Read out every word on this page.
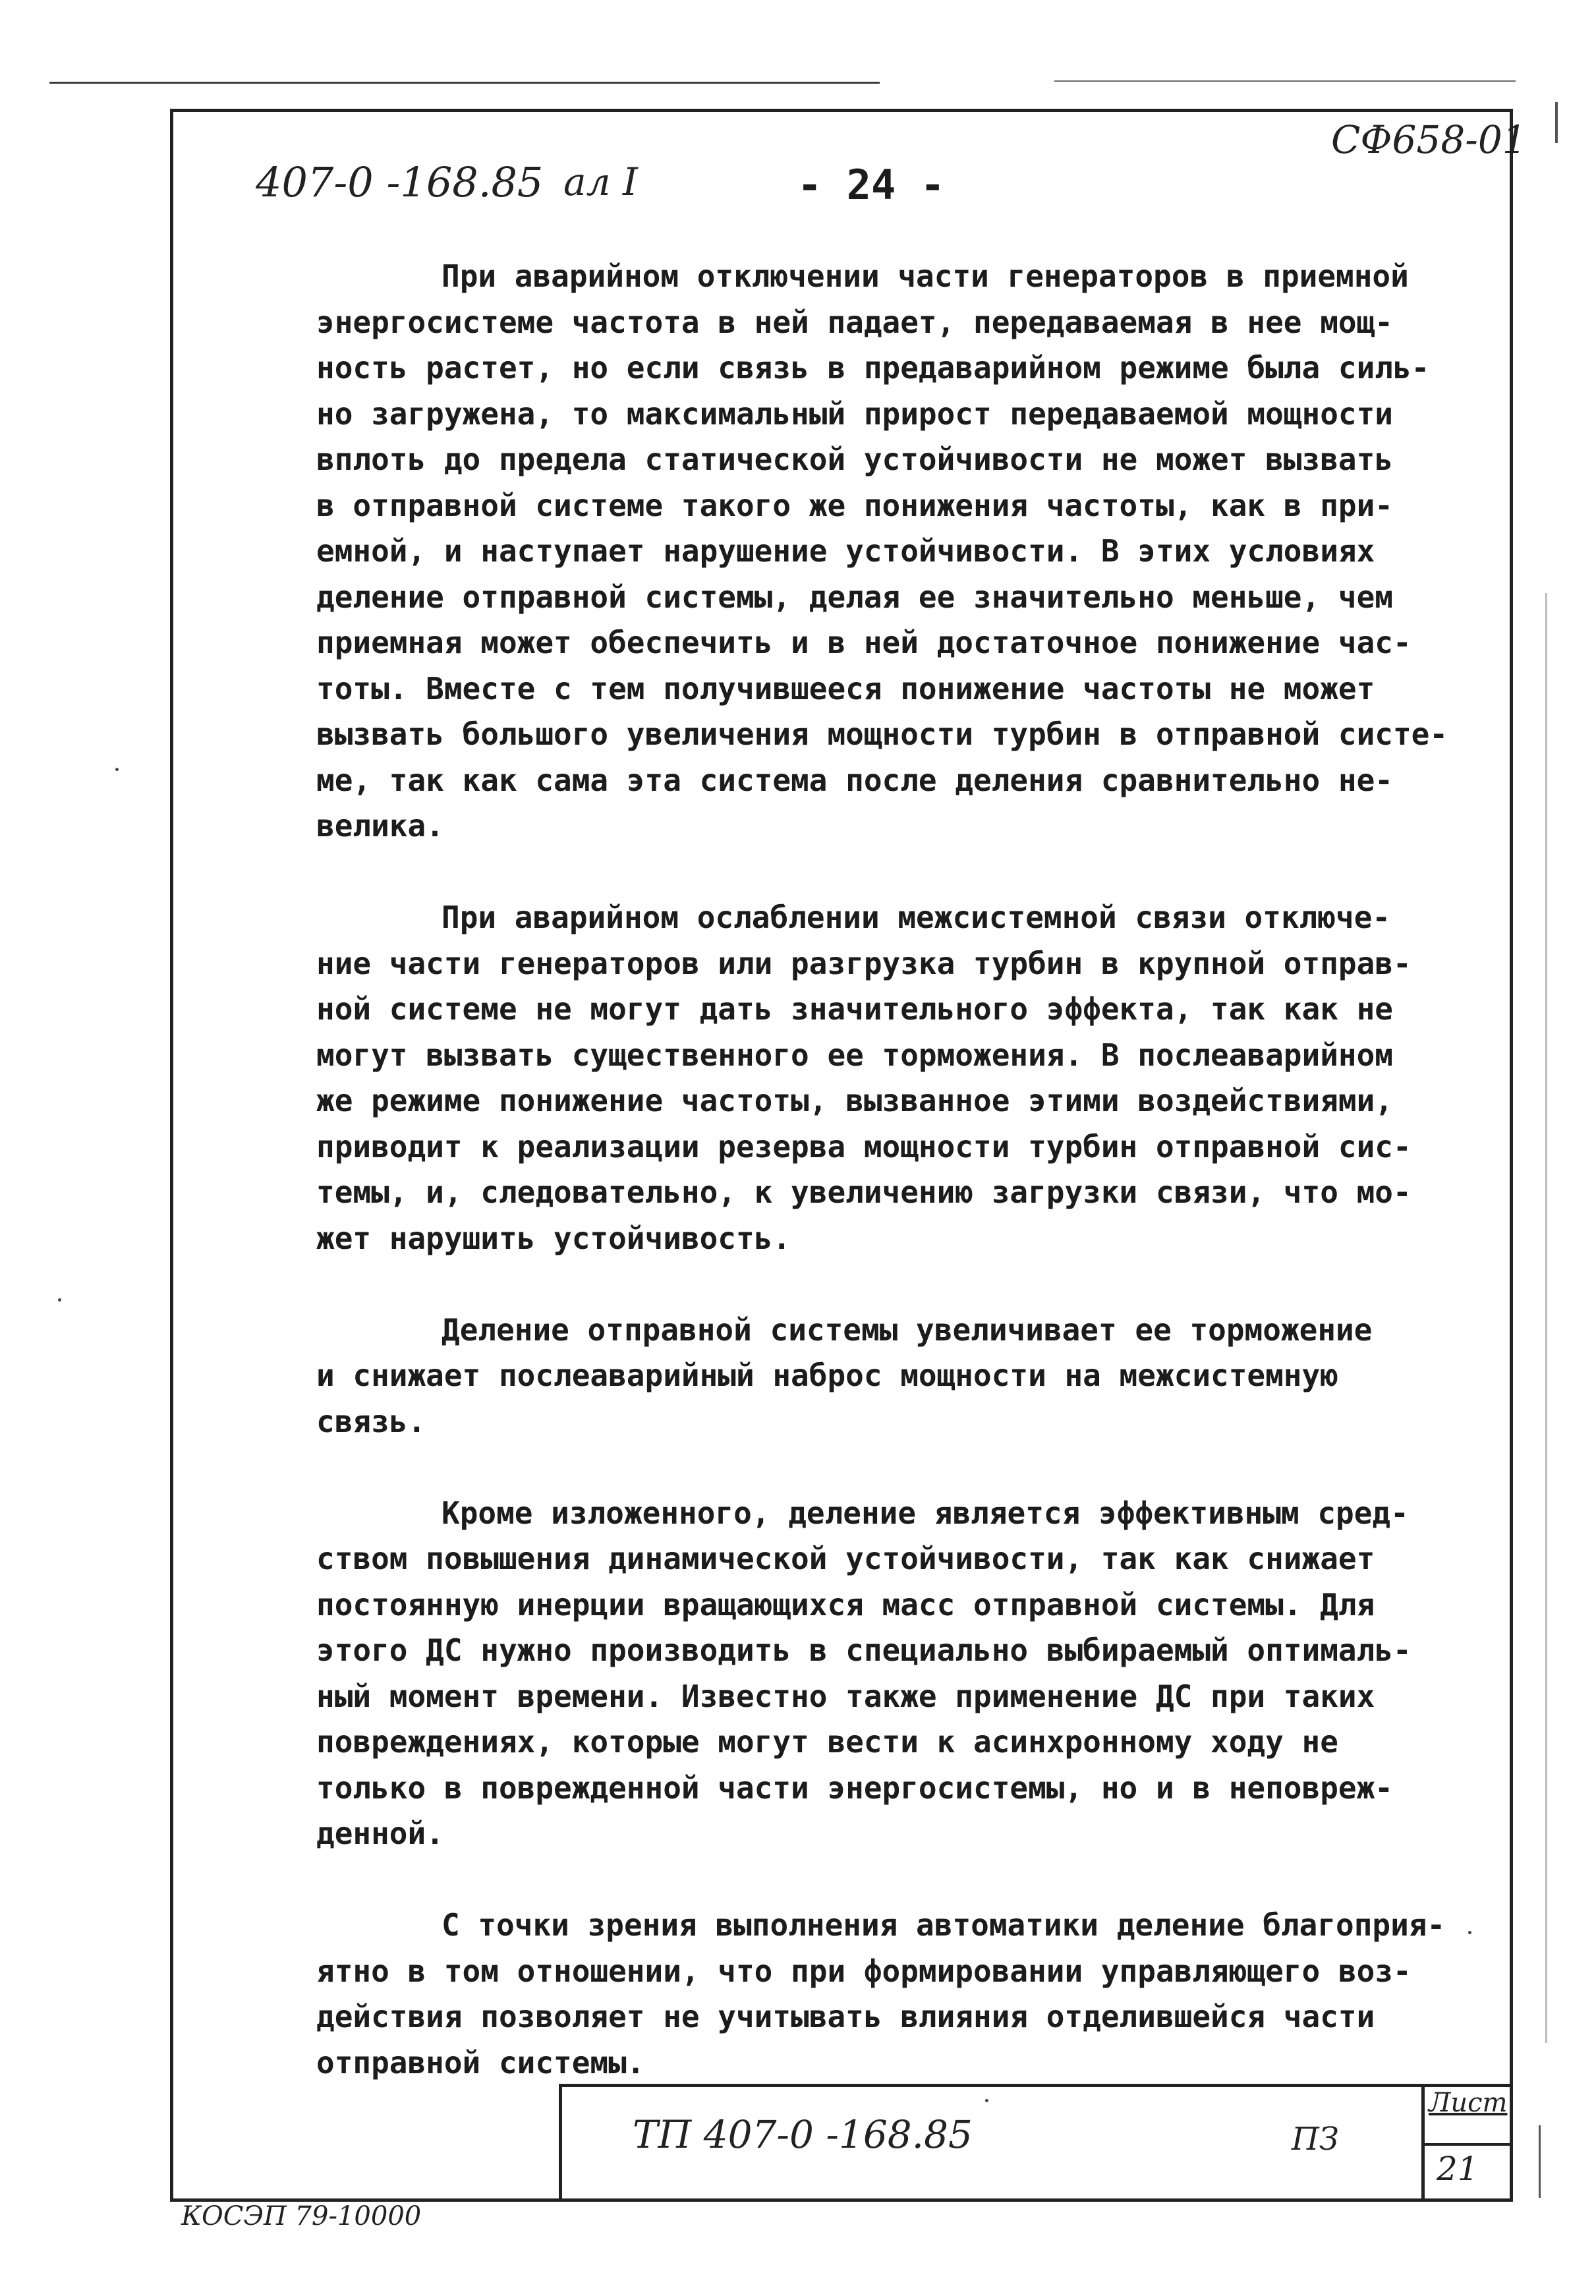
СФ658-01
407-0 -168.85 ал I	- 24 -

При аварийном отключении части генераторов в приемной
энергосистеме частота в ней падает, передаваемая в нее мощ-
ность растет, но если связь в предаварийном режиме была силь-
но загружена, то максимальный прирост передаваемой мощности
вплоть до предела статической устойчивости не может вызвать
в отправной системе такого же понижения частоты, как в при-
емной, и наступает нарушение устойчивости. В этих условиях
деление отправной системы, делая ее значительно меньше, чем
приемная может обеспечить и в ней достаточное понижение час-
тоты. Вместе с тем получившееся понижение частоты не может
вызвать большого увеличения мощности турбин в отправной систе-
ме, так как сама эта система после деления сравнительно не-
велика.

При аварийном ослаблении межсистемной связи отключе-
ние части генераторов или разгрузка турбин в крупной отправ-
ной системе не могут дать значительного эффекта, так как не
могут вызвать существенного ее торможения. В послеаварийном
же режиме понижение частоты, вызванное этими воздействиями,
приводит к реализации резерва мощности турбин отправной сис-
темы, и, следовательно, к увеличению загрузки связи, что мо-
жет нарушить устойчивость.

Деление отправной системы увеличивает ее торможение
и снижает послеаварийный наброс мощности на межсистемную
связь.

Кроме изложенного, деление является эффективным сред-
ством повышения динамической устойчивости, так как снижает
постоянную инерции вращающихся масс отправной системы. Для
этого ДС нужно производить в специально выбираемый оптималь-
ный момент времени. Известно также применение ДС при таких
повреждениях, которые могут вести к асинхронному ходу не
только в поврежденной части энергосистемы, но и в неповреж-
денной.

С точки зрения выполнения автоматики деление благоприя-
ятно в том отношении, что при формировании управляющего воз-
действия позволяет не учитывать влияния отделившейся части
отправной системы.

ТП 407-0 -168.85	ПЗ
Лист
21
КОСЭП 79-10000
